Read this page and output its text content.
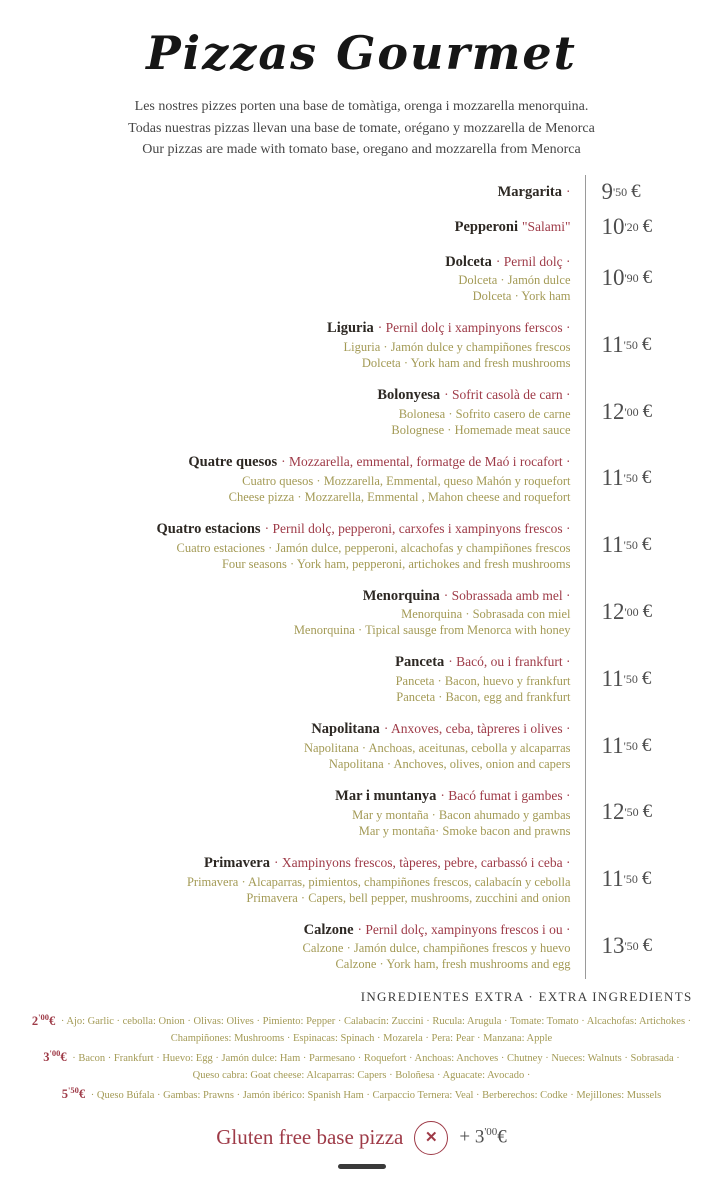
Pizzas Gourmet
Les nostres pizzes porten una base de tomàtiga, orenga i mozzarella menorquina.
Todas nuestras pizzas llevan una base de tomate, orégano y mozzarella de Menorca
Our pizzas are made with tomato base, oregano and mozzarella from Menorca
Margarita · 9 '50 €
Pepperoni "Salami" 10 '20 €
Dolceta · Pernil dolç ·
Dolceta · Jamón dulce
Dolceta · York ham
10 '90 €
Liguria · Pernil dolç i xampinyons ferscos ·
Liguria · Jamón dulce y champiñones frescos
Dolceta · York ham and fresh mushrooms
11 '50 €
Bolonyesa · Sofrit casolà de carn ·
Bolonesa · Sofrito casero de carne
Bolognese · Homemade meat sauce
12 '00 €
Quatre quesos · Mozzarella, emmental, formatge de Maó i rocafort ·
Cuatro quesos · Mozzarella, Emmental, queso Mahón y roquefort
Cheese pizza · Mozzarella, Emmental , Mahon cheese and roquefort
11 '50 €
Quatro estacions · Pernil dolç, pepperoni, carxofes i xampinyons frescos ·
Cuatro estaciones · Jamón dulce, pepperoni, alcachofas y champiñones frescos
Four seasons · York ham, pepperoni, artichokes and fresh mushrooms
11 '50 €
Menorquina · Sobrassada amb mel ·
Menorquina · Sobrasada con miel
Menorquina · Tipical sausge from Menorca with honey
12 '00 €
Panceta · Bacó, ou i frankfurt ·
Panceta · Bacon, huevo y frankfurt
Panceta · Bacon, egg and frankfurt
11 '50 €
Napolitana · Anxoves, ceba, tàpreres i olives ·
Napolitana · Anchoas, aceitunas, cebolla y alcaparras
Napolitana · Anchoves, olives, onion and capers
11 '50 €
Mar i muntanya · Bacó fumat i gambes ·
Mar y montaña · Bacon ahumado y gambas
Mar y montaña· Smoke bacon and prawns
12 '50 €
Primavera · Xampinyons frescos, tàperes, pebre, carbassó i ceba ·
Primavera · Alcaparras, pimientos, champiñones frescos, calabacín y cebolla
Primavera · Capers, bell pepper, mushrooms, zucchini and onion
11 '50 €
Calzone · Pernil dolç, xampinyons frescos i ou ·
Calzone · Jamón dulce, champiñones frescos y huevo
Calzone · York ham, fresh mushrooms and egg
13 '50 €
INGREDIENTES EXTRA · EXTRA INGREDIENTS

$2^{'00}€$ · Ajo: Garlic · cebolla: Onion · Olivas: Olives · Pimiento: Pepper · Calabacín: Zuccini · Rucula: Arugula · Tomate: Tomato · Alcachofas: Artichokes · Champiñones: Mushrooms · Espinacas: Spinach · Mozarela · Pera: Pear · Manzana: Apple

$3^{'00}€$ · Bacon · Frankfurt · Huevo: Egg · Jamón dulce: Ham · Parmesano · Roquefort · Anchoas: Anchoves · Chutney · Nueces: Walnuts · Sobrasada · Queso cabra: Goat cheese: Alcaparras: Capers · Boloñesa · Aguacate: Avocado ·

$5^{'50}€$ · Queso Búfala · Gambas: Prawns · Jamón ibérico: Spanish Ham · Carpaccio Ternera: Veal · Berberechos: Codke · Mejillones: Mussels

Gluten free base pizza ✕ + $3^{'00}€$
